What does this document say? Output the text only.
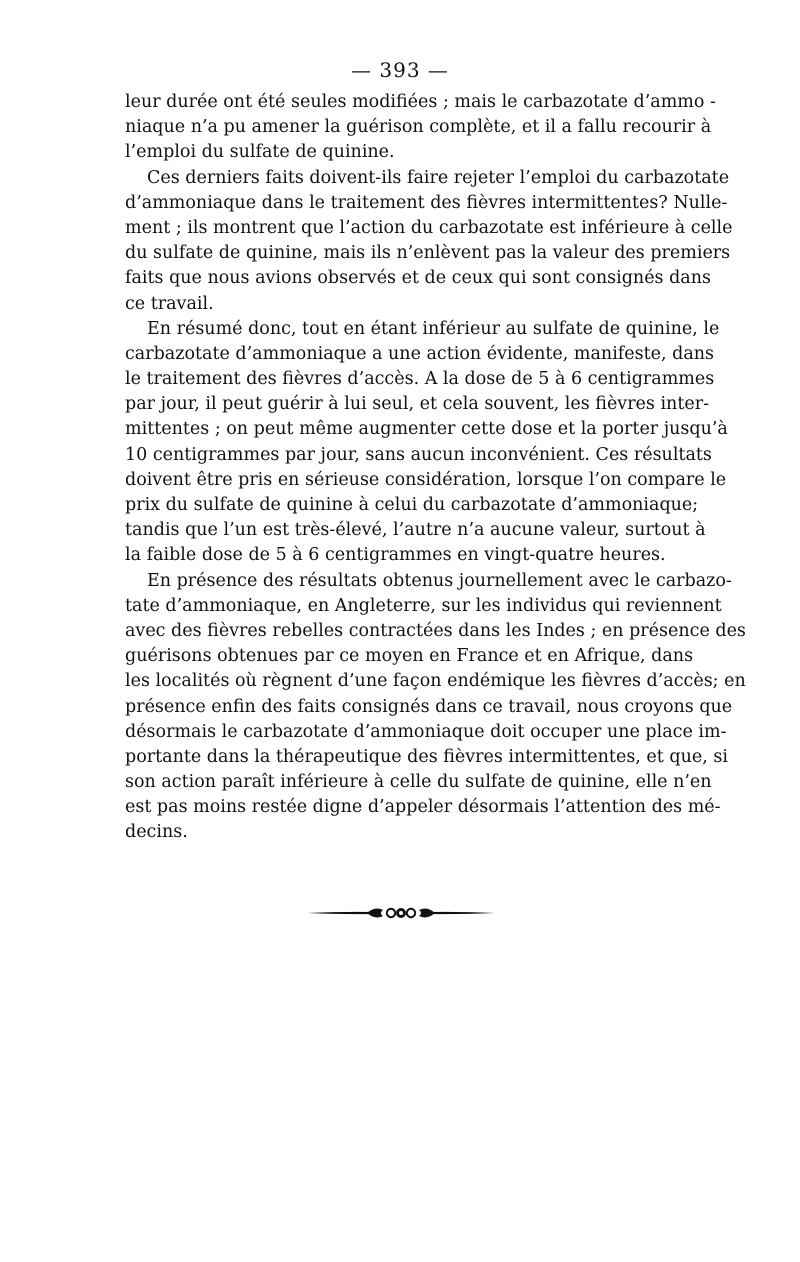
— 393 —
leur durée ont été seules modifiées ; mais le carbazotate d’ammo -
niaque n’a pu amener la guérison complète, et il a fallu recourir à
l’emploi du sulfate de quinine.
Ces derniers faits doivent-ils faire rejeter l’emploi du carbazotate
d’ammoniaque dans le traitement des fièvres intermittentes? Nulle-
ment ; ils montrent que l’action du carbazotate est inférieure à celle
du sulfate de quinine, mais ils n’enlèvent pas la valeur des premiers
faits que nous avions observés et de ceux qui sont consignés dans
ce travail.
En résumé donc, tout en étant inférieur au sulfate de quinine, le
carbazotate d’ammoniaque a une action évidente, manifeste, dans
le traitement des fièvres d’accès. A la dose de 5 à 6 centigrammes
par jour, il peut guérir à lui seul, et cela souvent, les fièvres inter-
mittentes ; on peut même augmenter cette dose et la porter jusqu’à
10 centigrammes par jour, sans aucun inconvénient. Ces résultats
doivent être pris en sérieuse considération, lorsque l’on compare le
prix du sulfate de quinine à celui du carbazotate d’ammoniaque;
tandis que l’un est très-élevé, l’autre n’a aucune valeur, surtout à
la faible dose de 5 à 6 centigrammes en vingt-quatre heures.
En présence des résultats obtenus journellement avec le carbazo-
tate d’ammoniaque, en Angleterre, sur les individus qui reviennent
avec des fièvres rebelles contractées dans les Indes ; en présence des
guérisons obtenues par ce moyen en France et en Afrique, dans
les localités où règnent d’une façon endémique les fièvres d’accès; en
présence enfin des faits consignés dans ce travail, nous croyons que
désormais le carbazotate d’ammoniaque doit occuper une place im-
portante dans la thérapeutique des fièvres intermittentes, et que, si
son action paraît inférieure à celle du sulfate de quinine, elle n’en
est pas moins restée digne d’appeler désormais l’attention des mé-
decins.
